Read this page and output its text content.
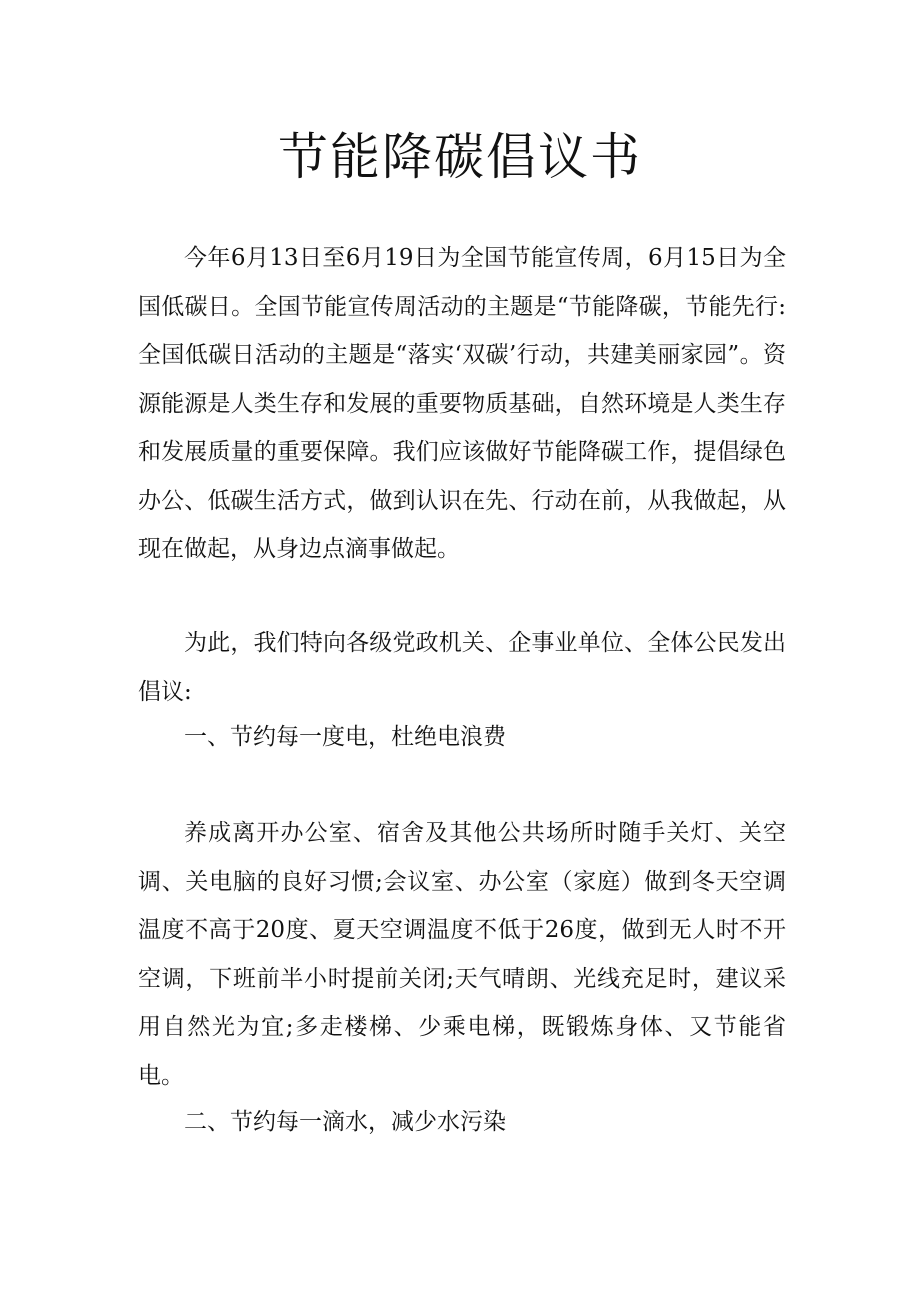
节能降碳倡议书

今年6月13日至6月19日为全国节能宣传周，6月15日为全国低碳日。全国节能宣传周活动的主题是“节能降碳，节能先行:全国低碳日活动的主题是“落实‘双碳’行动，共建美丽家园”。资源能源是人类生存和发展的重要物质基础，自然环境是人类生存和发展质量的重要保障。我们应该做好节能降碳工作，提倡绿色办公、低碳生活方式，做到认识在先、行动在前，从我做起，从现在做起，从身边点滴事做起。

为此，我们特向各级党政机关、企事业单位、全体公民发出倡议:

一、节约每一度电，杜绝电浪费

养成离开办公室、宿舍及其他公共场所时随手关灯、关空调、关电脑的良好习惯;会议室、办公室（家庭）做到冬天空调温度不高于20度、夏天空调温度不低于26度，做到无人时不开空调，下班前半小时提前关闭;天气晴朗、光线充足时，建议采用自然光为宜;多走楼梯、少乘电梯，既锻炼身体、又节能省电。

二、节约每一滴水，减少水污染
